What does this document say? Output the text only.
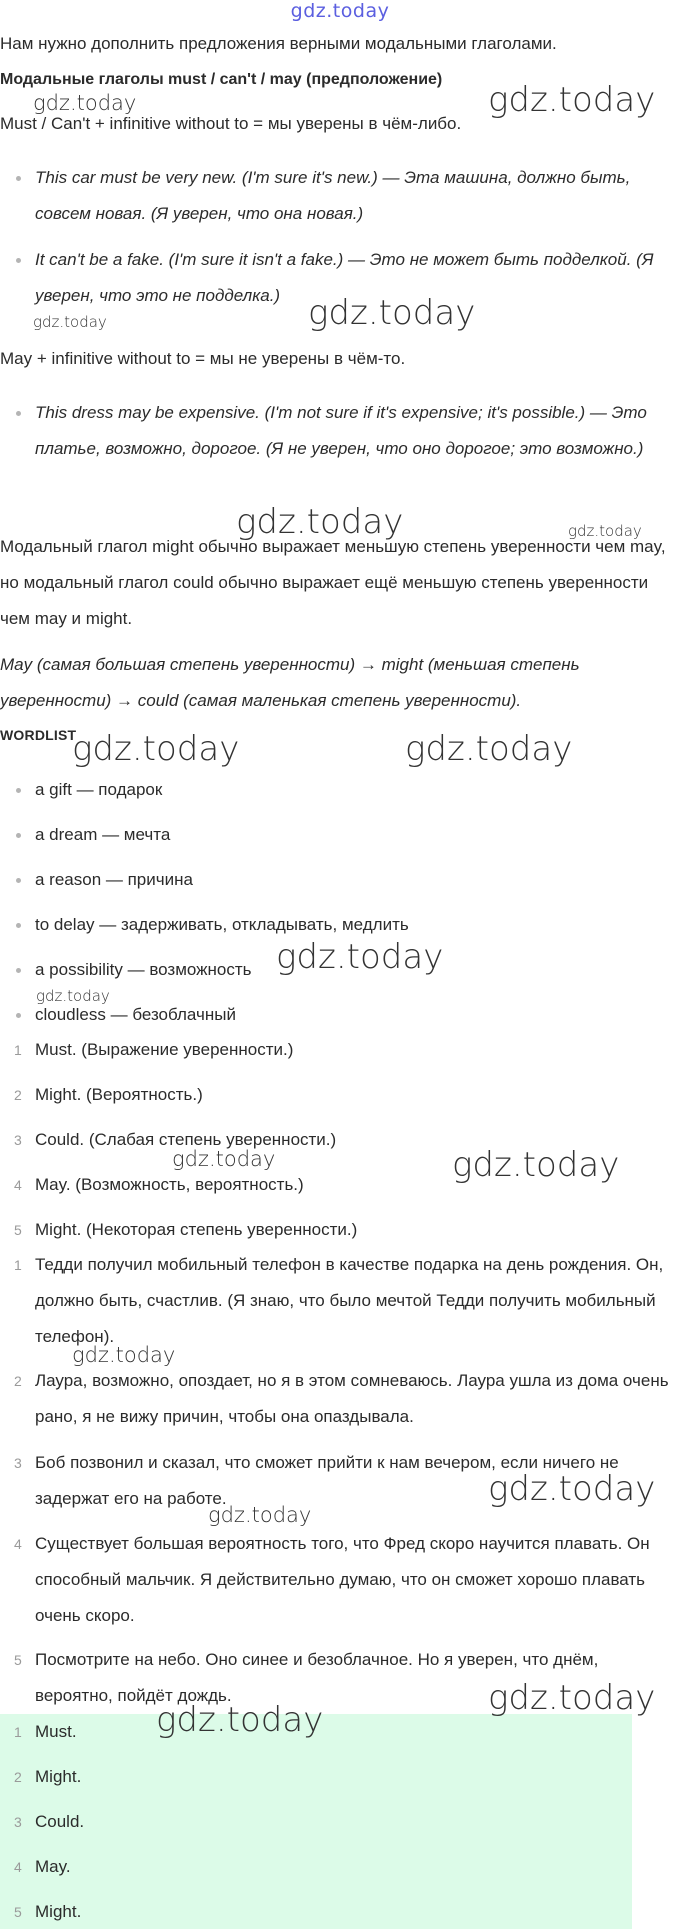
gdz.today
Нам нужно дополнить предложения верными модальными глаголами.
Модальные глаголы must / can't / may (предположение)
Must / Can't + infinitive without to = мы уверены в чём-либо.
This car must be very new. (I'm sure it's new.) — Эта машина, должно быть, совсем новая. (Я уверен, что она новая.)
It can't be a fake. (I'm sure it isn't a fake.) — Это не может быть подделкой. (Я уверен, что это не подделка.)
May + infinitive without to = мы не уверены в чём-то.
This dress may be expensive. (I'm not sure if it's expensive; it's possible.) — Это платье, возможно, дорогое. (Я не уверен, что оно дорогое; это возможно.)
Модальный глагол might обычно выражает меньшую степень уверенности чем may, но модальный глагол could обычно выражает ещё меньшую степень уверенности чем may и might.
May (самая большая степень уверенности) → might (меньшая степень уверенности) → could (самая маленькая степень уверенности).
WORDLIST
a gift — подарок
a dream — мечта
a reason — причина
to delay — задерживать, откладывать, медлить
a possibility — возможность
cloudless — безоблачный
1 Must. (Выражение уверенности.)
2 Might. (Вероятность.)
3 Could. (Слабая степень уверенности.)
4 May. (Возможность, вероятность.)
5 Might. (Некоторая степень уверенности.)
1 Тедди получил мобильный телефон в качестве подарка на день рождения. Он, должно быть, счастлив. (Я знаю, что было мечтой Тедди получить мобильный телефон).
2 Лаура, возможно, опоздает, но я в этом сомневаюсь. Лаура ушла из дома очень рано, я не вижу причин, чтобы она опаздывала.
3 Боб позвонил и сказал, что сможет прийти к нам вечером, если ничего не задержат его на работе.
4 Существует большая вероятность того, что Фред скоро научится плавать. Он способный мальчик. Я действительно думаю, что он сможет хорошо плавать очень скоро.
5 Посмотрите на небо. Оно синее и безоблачное. Но я уверен, что днём, вероятно, пойдёт дождь.
1 Must.
2 Might.
3 Could.
4 May.
5 Might.
gdz.today	gdz.today
gdz.today	gdz.today
gdz.today	gdz.today
gdz.today	gdz.today
gdz.today
gdz.today
gdz.today	gdz.today
gdz.today
gdz.today
gdz.today
gdz.today
gdz.today
